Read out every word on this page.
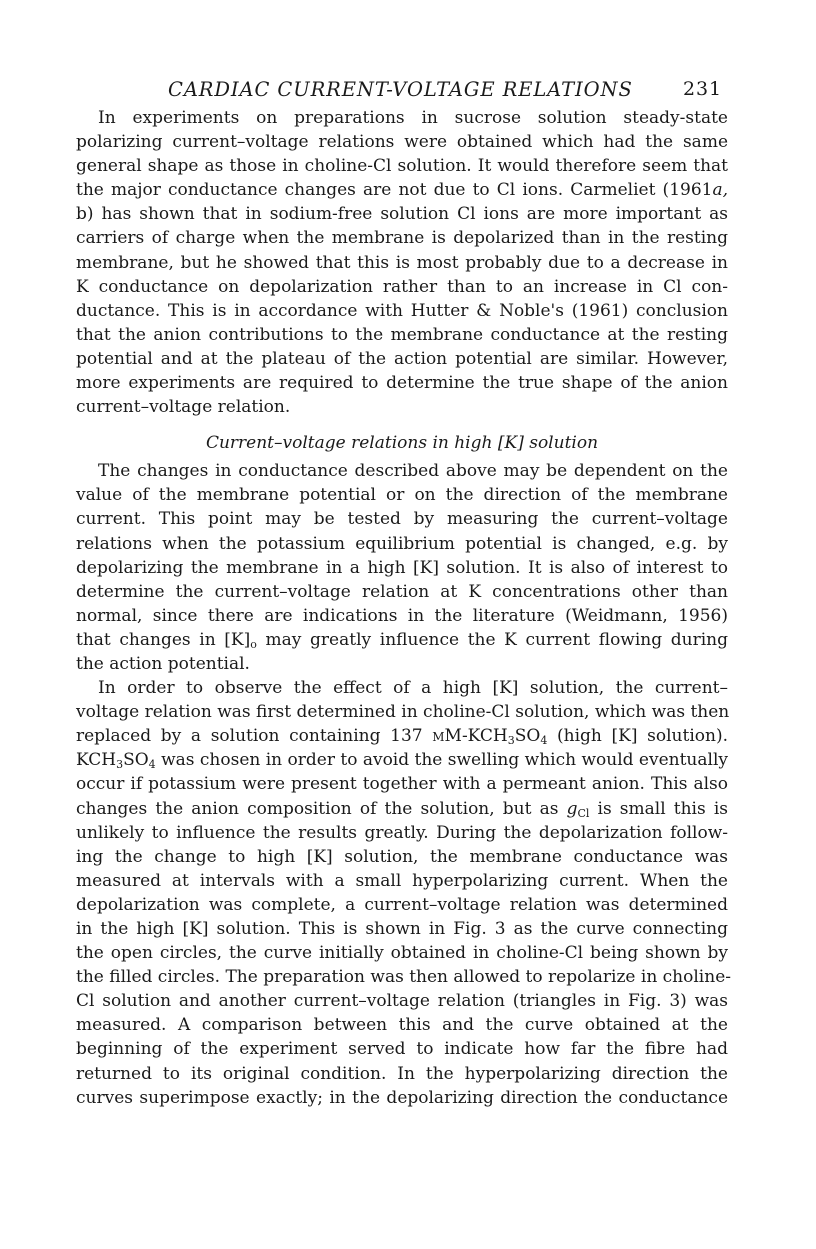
CARDIAC CURRENT-VOLTAGE RELATIONS	231
In experiments on preparations in sucrose solution steady-state
polarizing current–voltage relations were obtained which had the same
general shape as those in choline-Cl solution. It would therefore seem that
the major conductance changes are not due to Cl ions. Carmeliet (1961a,
b) has shown that in sodium-free solution Cl ions are more important as
carriers of charge when the membrane is depolarized than in the resting
membrane, but he showed that this is most probably due to a decrease in
K conductance on depolarization rather than to an increase in Cl con-
ductance. This is in accordance with Hutter & Noble's (1961) conclusion
that the anion contributions to the membrane conductance at the resting
potential and at the plateau of the action potential are similar. However,
more experiments are required to determine the true shape of the anion
current–voltage relation.
Current–voltage relations in high [K] solution
The changes in conductance described above may be dependent on the
value of the membrane potential or on the direction of the membrane
current. This point may be tested by measuring the current–voltage
relations when the potassium equilibrium potential is changed, e.g. by
depolarizing the membrane in a high [K] solution. It is also of interest to
determine the current–voltage relation at K concentrations other than
normal, since there are indications in the literature (Weidmann, 1956)
that changes in $[K]_o$ may greatly influence the K current flowing during
the action potential.
In order to observe the effect of a high [K] solution, the current–
voltage relation was first determined in choline-Cl solution, which was then
replaced by a solution containing 137 $mM-KCH_3SO_4$ (high [K] solution).
$KCH_3SO_4$ was chosen in order to avoid the swelling which would eventually
occur if potassium were present together with a permeant anion. This also
changes the anion composition of the solution, but as $g_{Cl}$ is small this is
unlikely to influence the results greatly. During the depolarization follow-
ing the change to high [K] solution, the membrane conductance was
measured at intervals with a small hyperpolarizing current. When the
depolarization was complete, a current–voltage relation was determined
in the high [K] solution. This is shown in Fig. 3 as the curve connecting
the open circles, the curve initially obtained in choline-Cl being shown by
the filled circles. The preparation was then allowed to repolarize in choline-
Cl solution and another current–voltage relation (triangles in Fig. 3) was
measured. A comparison between this and the curve obtained at the
beginning of the experiment served to indicate how far the fibre had
returned to its original condition. In the hyperpolarizing direction the
curves superimpose exactly; in the depolarizing direction the conductance
